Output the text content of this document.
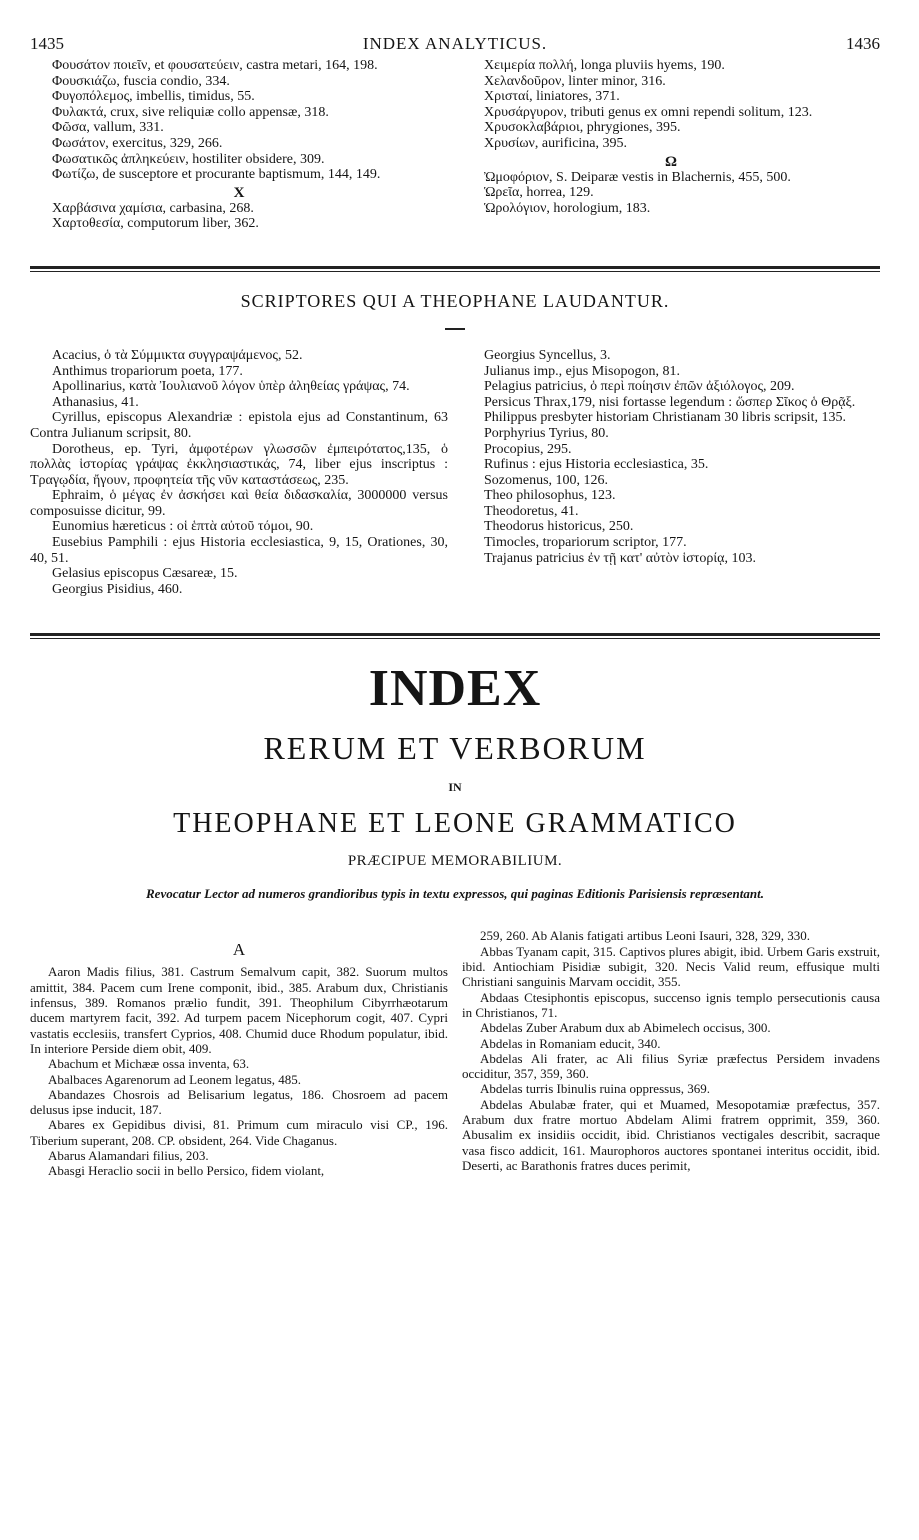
1435	INDEX ANALYTICUS.	1436

Φουσάτον ποιεῖν, et φουσατεύειν, castra metari, 164, 198.

Φουσκιάζω, fuscia condio, 334.

Φυγοπόλεμος, imbellis, timidus, 55.

Φυλακτά, crux, sive reliquiæ collo appensæ, 318.

Φῶσα, vallum, 331.

Φωσάτον, exercitus, 329, 266.

Φωσατικῶς ἀπληκεύειν, hostiliter obsidere, 309.

Φωτίζω, de susceptore et procurante baptismum, 144, 149.

X

Χαρβάσινα χαμίσια, carbasina, 268.

Χαρτοθεσία, computorum liber, 362.

Χειμερία πολλή, longa pluviis hyems, 190.

Χελανδοῦρον, linter minor, 316.

Χρισταί, liniatores, 371.

Χρυσάργυρον, tributi genus ex omni rependi solitum, 123.

Χρυσοκλαβάριοι, phrygiones, 395.

Χρυσίων, aurificina, 395.

Ω

Ὠμοφόριον, S. Deiparæ vestis in Blachernis, 455, 500.

Ὡρεῖα, horrea, 129.

Ὡρολόγιον, horologium, 183.

SCRIPTORES QUI A THEOPHANE LAUDANTUR.

Acacius, ὁ τὰ Σύμμικτα συγγραψάμενος, 52.

Anthimus tropariorum poeta, 177.

Apollinarius, κατὰ Ἰουλιανοῦ λόγον ὑπὲρ ἀληθείας γράψας, 74.

Athanasius, 41.

Cyrillus, episcopus Alexandriæ : epistola ejus ad Constantinum, 63 Contra Julianum scripsit, 80.

Dorotheus, ep. Tyri, ἀμφοτέρων γλωσσῶν ἐμπειρότατος,135, ὁ πολλὰς ἱστορίας γράψας ἐκκλησιαστικάς, 74, liber ejus inscriptus : Τραγῳδία, ἤγουν, προφητεία τῆς νῦν καταστάσεως, 235.

Ephraim, ὁ μέγας ἐν ἀσκήσει καὶ θεία διδασκαλία, 3000000 versus composuisse dicitur, 99.

Eunomius hæreticus : οἱ ἑπτὰ αὐτοῦ τόμοι, 90.

Eusebius Pamphili : ejus Historia ecclesiastica, 9, 15, Orationes, 30, 40, 51.

Gelasius episcopus Cæsareæ, 15.

Georgius Pisidius, 460.

Georgius Syncellus, 3.

Julianus imp., ejus Misopogon, 81.

Pelagius patricius, ὁ περὶ ποίησιν ἐπῶν ἀξιόλογος, 209.

Persicus Thrax,179, nisi fortasse legendum : ὥσπερ Σῖκος ὁ Θρᾷξ.

Philippus presbyter historiam Christianam 30 libris scripsit, 135.

Porphyrius Tyrius, 80.

Procopius, 295.

Rufinus : ejus Historia ecclesiastica, 35.

Sozomenus, 100, 126.

Theo philosophus, 123.

Theodoretus, 41.

Theodorus historicus, 250.

Timocles, tropariorum scriptor, 177.

Trajanus patricius ἐν τῇ κατ' αὐτὸν ἱστορίᾳ, 103.

INDEX

RERUM ET VERBORUM

IN

THEOPHANE ET LEONE GRAMMATICO

PRÆCIPUE MEMORABILIUM.

Revocatur Lector ad numeros grandioribus typis in textu expressos, qui paginas Editionis Parisiensis repræsentant.

A

Aaron Madis filius, 381. Castrum Semalvum capit, 382. Suorum multos amittit, 384. Pacem cum Irene componit, ibid., 385. Arabum dux, Christianis infensus, 389. Romanos prælio fundit, 391. Theophilum Cibyrrhæotarum ducem martyrem facit, 392. Ad turpem pacem Nicephorum cogit, 407. Cypri vastatis ecclesiis, transfert Cyprios, 408. Chumid duce Rhodum populatur, ibid. In interiore Perside diem obit, 409.

Abachum et Michææ ossa inventa, 63.

Abalbaces Agarenorum ad Leonem legatus, 485.

Abandazes Chosrois ad Belisarium legatus, 186. Chosroem ad pacem delusus ipse inducit, 187.

Abares ex Gepidibus divisi, 81. Primum cum miraculo visi CP., 196. Tiberium superant, 208. CP. obsident, 264. Vide Chaganus.

Abarus Alamandari filius, 203.

Abasgi Heraclio socii in bello Persico, fidem violant,

259, 260. Ab Alanis fatigati artibus Leoni Isauri, 328, 329, 330.

Abbas Tyanam capit, 315. Captivos plures abigit, ibid. Urbem Garis exstruit, ibid. Antiochiam Pisidiæ subigit, 320. Necis Valid reum, effusique multi Christiani sanguinis Marvam occidit, 355.

Abdaas Ctesiphontis episcopus, succenso ignis templo persecutionis causa in Christianos, 71.

Abdelas Zuber Arabum dux ab Abimelech occisus, 300.

Abdelas in Romaniam educit, 340.

Abdelas Ali frater, ac Ali filius Syriæ præfectus Persidem invadens occiditur, 357, 359, 360.

Abdelas turris Ibinulis ruina oppressus, 369.

Abdelas Abulabæ frater, qui et Muamed, Mesopotamiæ præfectus, 357. Arabum dux fratre mortuo Abdelam Alimi fratrem opprimit, 359, 360. Abusalim ex insidiis occidit, ibid. Christianos vectigales describit, sacraque vasa fisco addicit, 161. Maurophoros auctores spontanei interitus occidit, ibid. Deserti, ac Barathonis fratres duces perimit,
